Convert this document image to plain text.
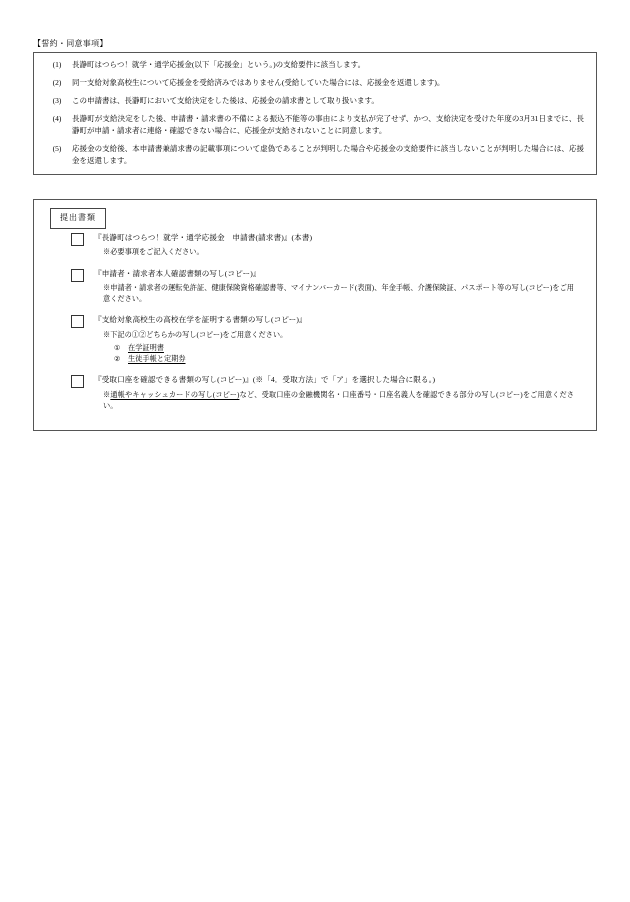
【誓約・同意事項】
(1)	長瀞町はつらつ！就学・通学応援金(以下「応援金」という。)の支給要件に該当します。
(2)	同一支給対象高校生について応援金を受給済みではありません(受給していた場合には、応援金を返還します)。
(3)	この申請書は、長瀞町において支給決定をした後は、応援金の請求書として取り扱います。
(4)	長瀞町が支給決定をした後、申請書・請求書の不備による振込不能等の事由により支払が完了せず、かつ、支給決定を受けた年度の3月31日までに、長瀞町が申請・請求者に連絡・確認できない場合に、応援金が支給されないことに同意します。
(5)	応援金の支給後、本申請書兼請求書の記載事項について虚偽であることが判明した場合や応援金の支給要件に該当しないことが判明した場合には、応援金を返還します。
提出書類
『長瀞町はつらつ！就学・通学応援金　申請書(請求書)』(本書)
※必要事項をご記入ください。
『申請者・請求者本人確認書類の写し(コピー)』
※申請者・請求者の運転免許証、健康保険資格確認書等、マイナンバーカード(表面)、年金手帳、介護保険証、パスポート等の写し(コピー)をご用意ください。
『支給対象高校生の高校在学を証明する書類の写し(コピー)』
※下記の①②どちらかの写し(コピー)をご用意ください。
①	在学証明書
②	生徒手帳と定期券
『受取口座を確認できる書類の写し(コピー)』(※「4．受取方法」で「ア」を選択した場合に限る。)
※通帳やキャッシュカードの写し(コピー)など、受取口座の金融機関名・口座番号・口座名義人を確認できる部分の写し(コピー)をご用意ください。
